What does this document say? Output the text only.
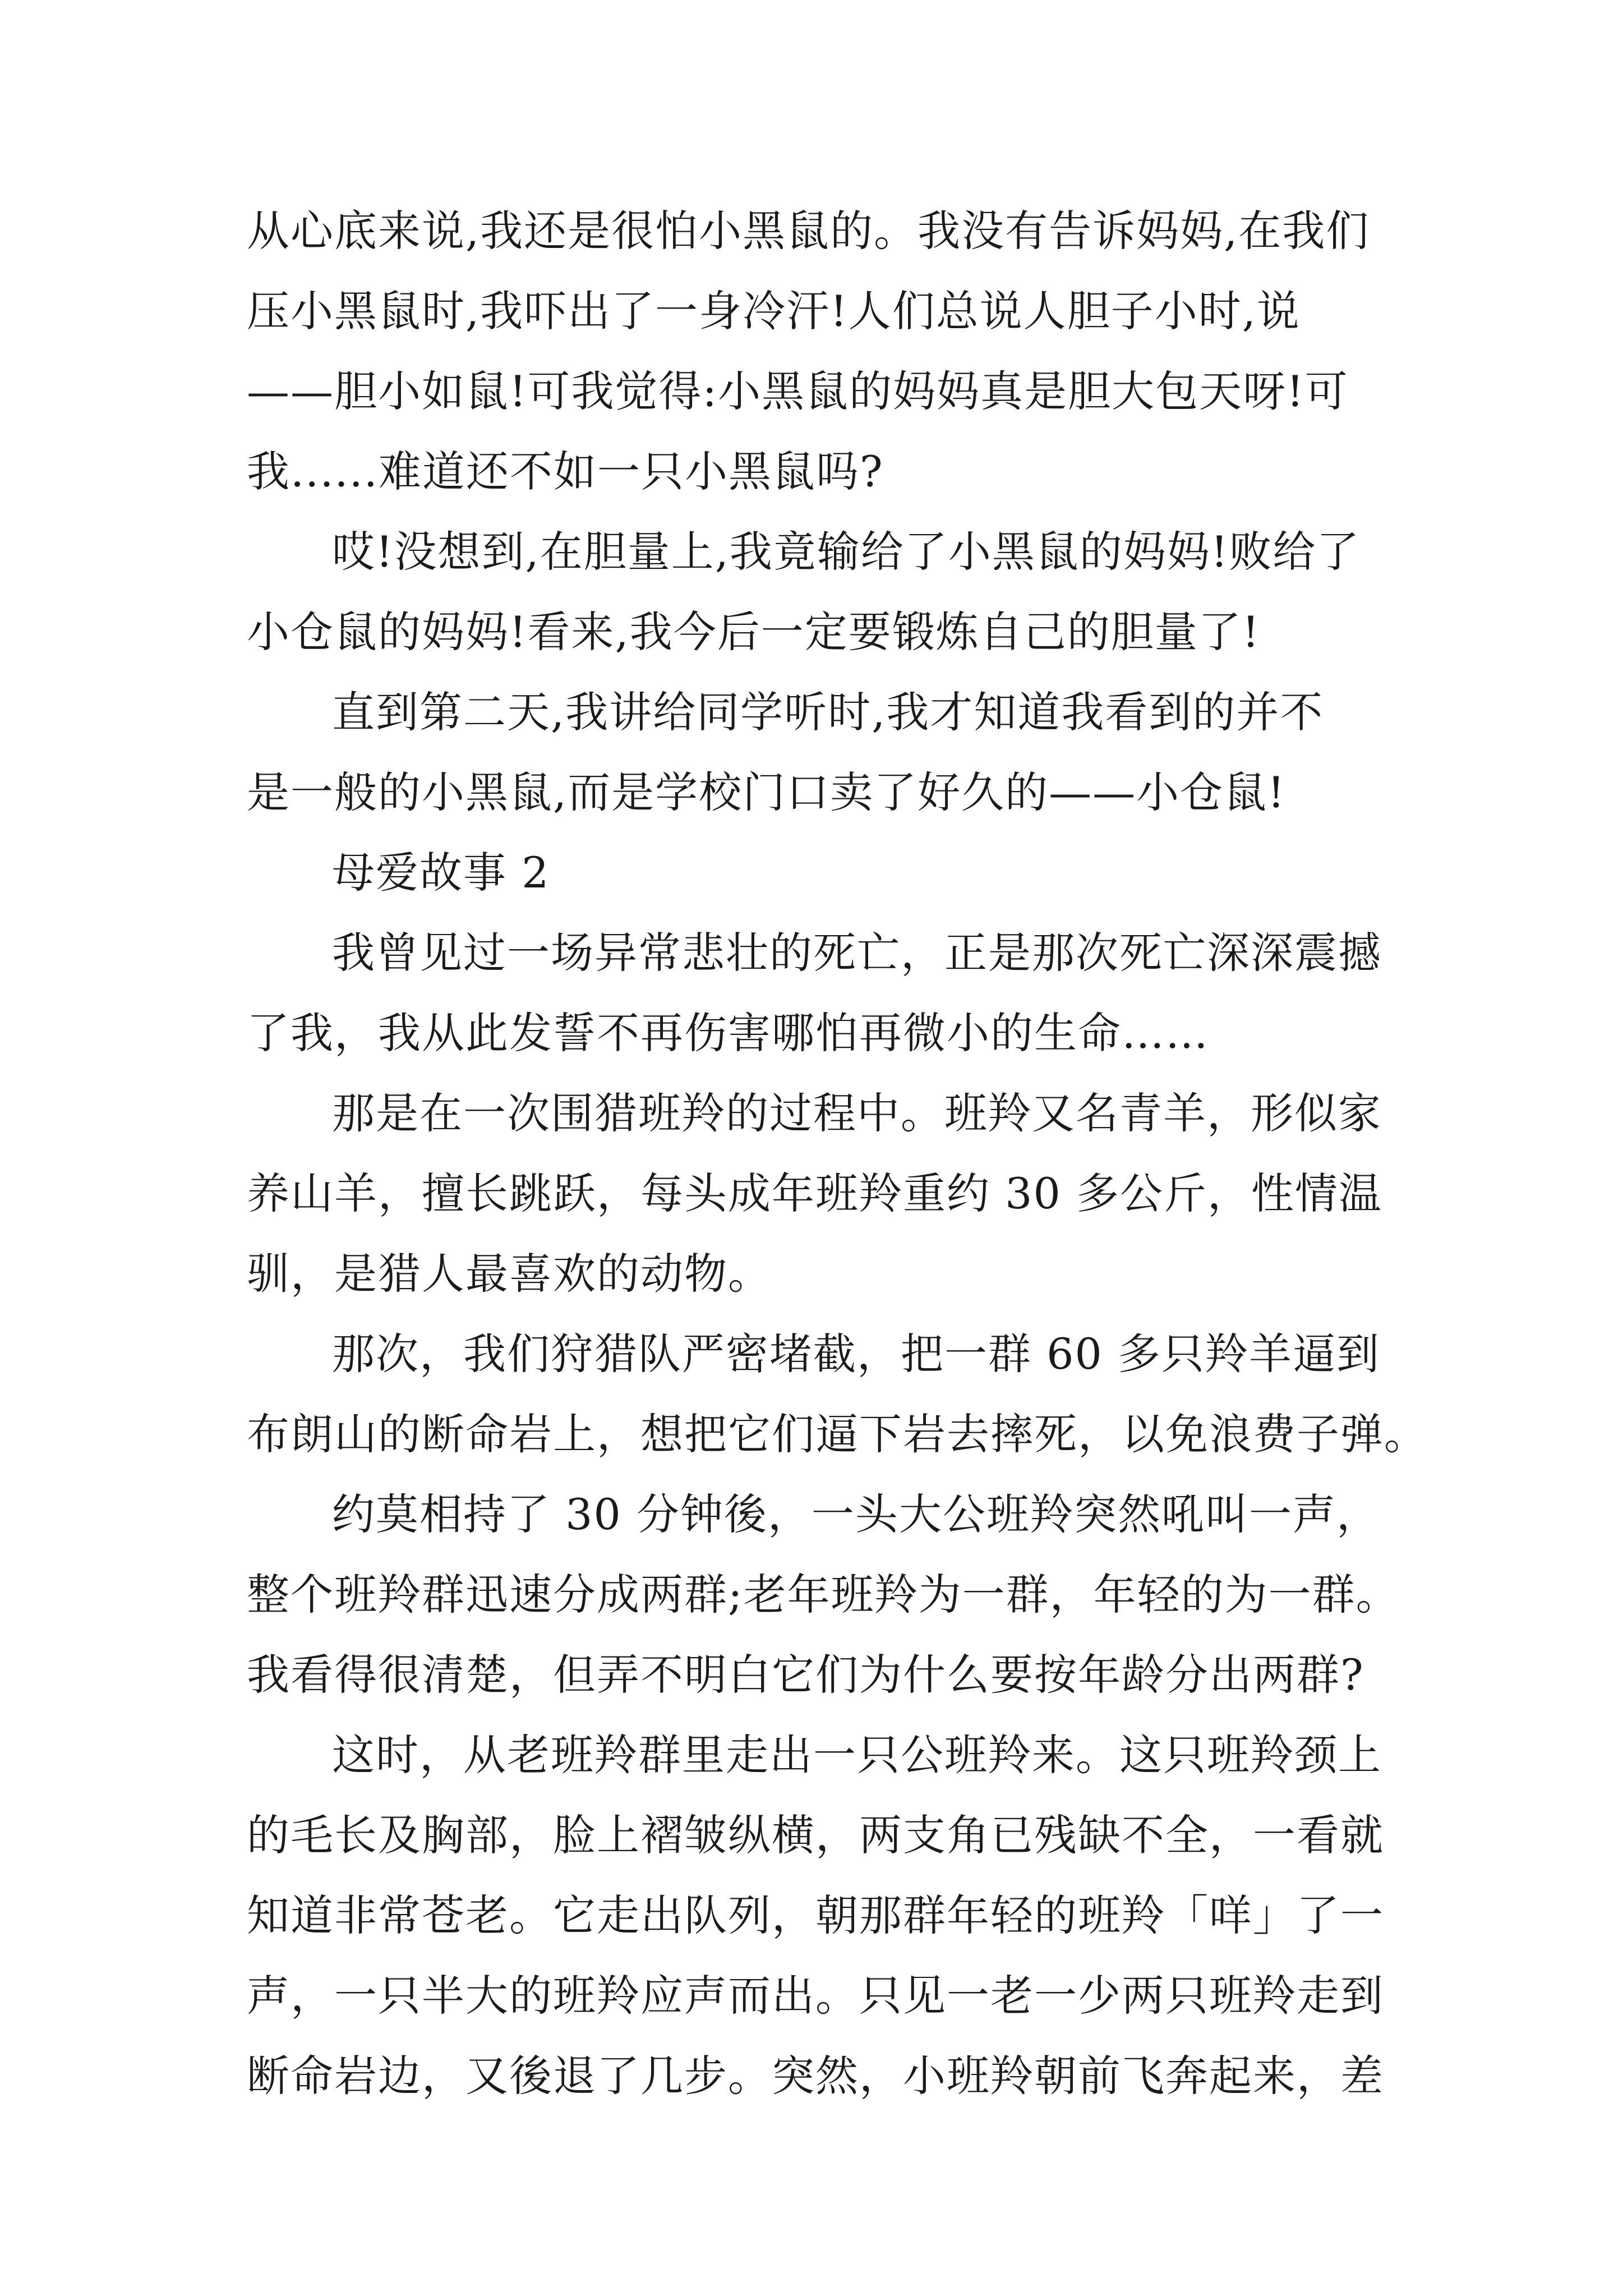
从心底来说,我还是很怕小黑鼠的。我没有告诉妈妈,在我们
压小黑鼠时,我吓出了一身冷汗!人们总说人胆子小时,说
——胆小如鼠!可我觉得:小黑鼠的妈妈真是胆大包天呀!可
我......难道还不如一只小黑鼠吗?
哎!没想到,在胆量上,我竟输给了小黑鼠的妈妈!败给了
小仓鼠的妈妈!看来,我今后一定要锻炼自己的胆量了!
直到第二天,我讲给同学听时,我才知道我看到的并不
是一般的小黑鼠,而是学校门口卖了好久的——小仓鼠!
母爱故事 2
我曾见过一场异常悲壮的死亡，正是那次死亡深深震撼
了我，我从此发誓不再伤害哪怕再微小的生命……
那是在一次围猎班羚的过程中。班羚又名青羊，形似家
养山羊，擅长跳跃，每头成年班羚重约 30 多公斤，性情温
驯，是猎人最喜欢的动物。
那次，我们狩猎队严密堵截，把一群 60 多只羚羊逼到
布朗山的断命岩上，想把它们逼下岩去摔死，以免浪费子弹。
约莫相持了 30 分钟後，一头大公班羚突然吼叫一声，
整个班羚群迅速分成两群;老年班羚为一群，年轻的为一群。
我看得很清楚，但弄不明白它们为什么要按年龄分出两群?
这时，从老班羚群里走出一只公班羚来。这只班羚颈上
的毛长及胸部，脸上褶皱纵横，两支角已残缺不全，一看就
知道非常苍老。它走出队列，朝那群年轻的班羚「咩」了一
声，一只半大的班羚应声而出。只见一老一少两只班羚走到
断命岩边，又後退了几步。突然，小班羚朝前飞奔起来，差
